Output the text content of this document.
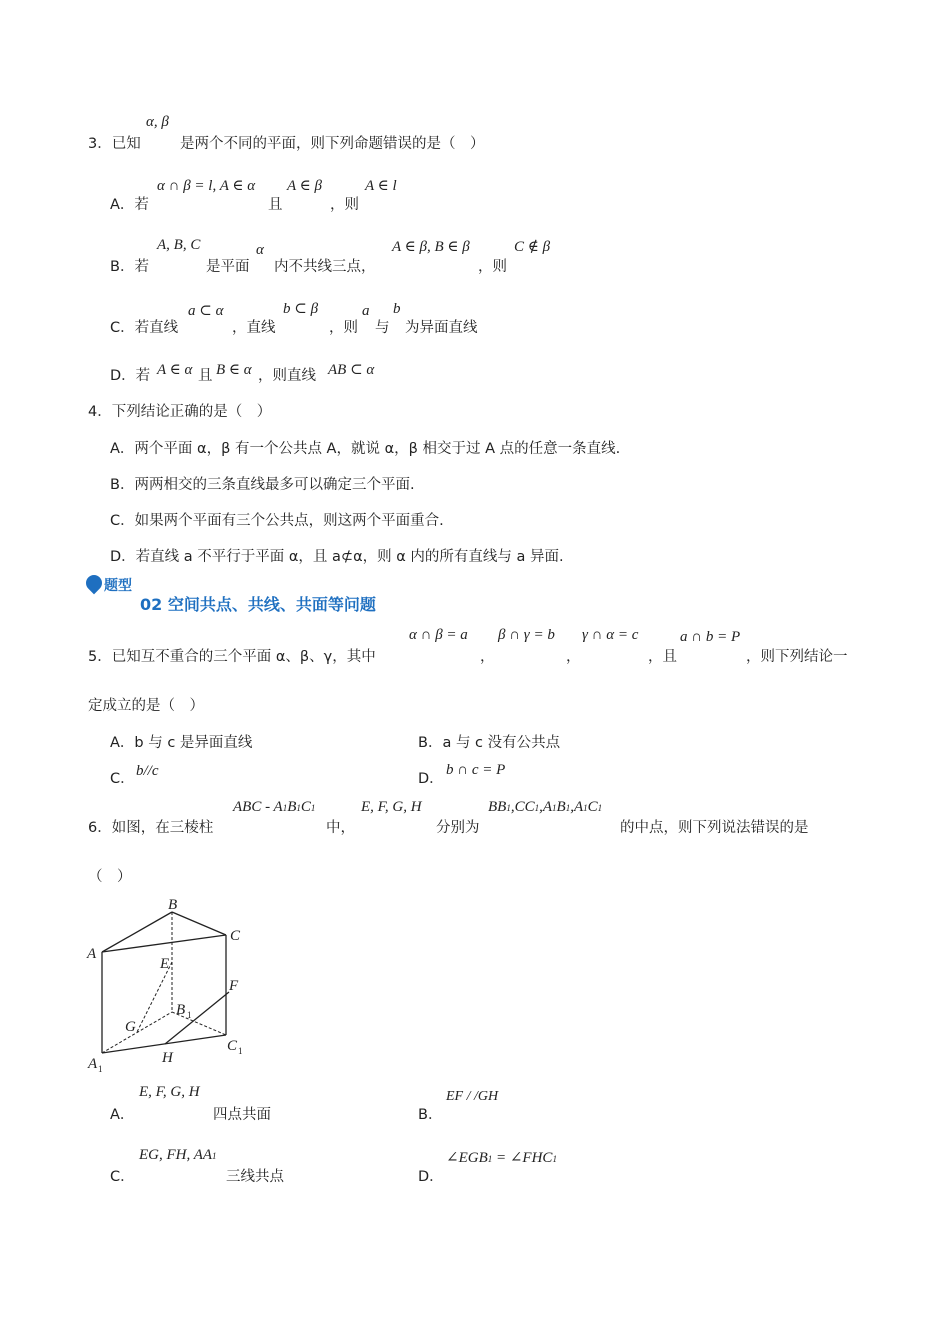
3．已知
α, β
是两个不同的平面，则下列命题错误的是（　）
A．若
α ∩ β = l, A ∈ α
且
A ∈ β
，则
A ∈ l
B．若
A, B, C
是平面
α
内不共线三点，
A ∈ β, B ∈ β
，则
C ∉ β
C．若直线
a ⊂ α
，直线
b ⊂ β
，则
a
与
b
为异面直线
D．若 A ∈ α 且 B ∈ α ，则直线 AB ⊂ α
4．下列结论正确的是（　）
A．两个平面 α，β 有一个公共点 A，就说 α，β 相交于过 A 点的任意一条直线.
B．两两相交的三条直线最多可以确定三个平面.
C．如果两个平面有三个公共点，则这两个平面重合.
D．若直线 a 不平行于平面 α，且 a⊄α，则 α 内的所有直线与 a 异面.
题型
02 空间共点、共线、共面等问题
5．已知互不重合的三个平面 α、β、γ，其中
α ∩ β = a
，
β ∩ γ = b
，
γ ∩ α = c
，且
a ∩ b = P
，则下列结论一
定成立的是（　）
A．b 与 c 是异面直线	B．a 与 c 没有公共点
C． b//c	D．
b ∩ c = P
6．如图，在三棱柱
ABC - A1B1C1
中，
E, F, G, H
分别为
BB1,CC1,A1B1,A1C1
的中点，则下列说法错误的是
（　）
A
B
C
E
F
G
H
B 1
C 1
A 1
A．
E, F, G, H
四点共面	B．
EF / /GH
C．
EG, FH, AA1
三线共点	D．
∠EGB1 = ∠FHC1
